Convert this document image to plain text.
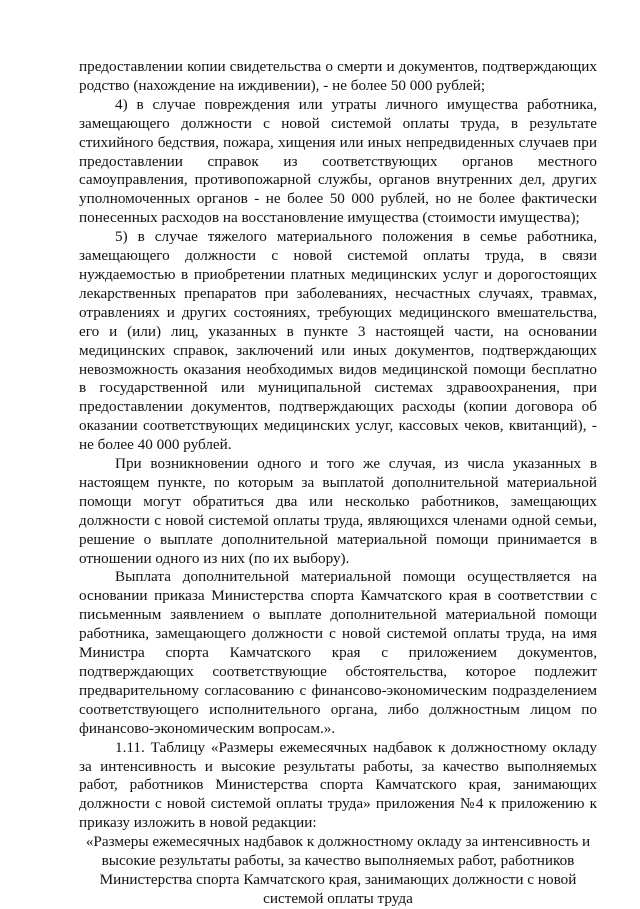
предоставлении копии свидетельства о смерти и документов, подтверждающих родство (нахождение на иждивении), - не более 50 000 рублей;

4) в случае повреждения или утраты личного имущества работника, замещающего должности с новой системой оплаты труда, в результате стихийного бедствия, пожара, хищения или иных непредвиденных случаев при предоставлении справок из соответствующих органов местного самоуправления, противопожарной службы, органов внутренних дел, других уполномоченных органов - не более 50 000 рублей, но не более фактически понесенных расходов на восстановление имущества (стоимости имущества);

5) в случае тяжелого материального положения в семье работника, замещающего должности с новой системой оплаты труда, в связи нуждаемостью в приобретении платных медицинских услуг и дорогостоящих лекарственных препаратов при заболеваниях, несчастных случаях, травмах, отравлениях и других состояниях, требующих медицинского вмешательства, его и (или) лиц, указанных в пункте 3 настоящей части, на основании медицинских справок, заключений или иных документов, подтверждающих невозможность оказания необходимых видов медицинской помощи бесплатно в государственной или муниципальной системах здравоохранения, при предоставлении документов, подтверждающих расходы (копии договора об оказании соответствующих медицинских услуг, кассовых чеков, квитанций), - не более 40 000 рублей.

При возникновении одного и того же случая, из числа указанных в настоящем пункте, по которым за выплатой дополнительной материальной помощи могут обратиться два или несколько работников, замещающих должности с новой системой оплаты труда, являющихся членами одной семьи, решение о выплате дополнительной материальной помощи принимается в отношении одного из них (по их выбору).

Выплата дополнительной материальной помощи осуществляется на основании приказа Министерства спорта Камчатского края в соответствии с письменным заявлением о выплате дополнительной материальной помощи работника, замещающего должности с новой системой оплаты труда, на имя Министра спорта Камчатского края с приложением документов, подтверждающих соответствующие обстоятельства, которое подлежит предварительному согласованию с финансово-экономическим подразделением соответствующего исполнительного органа, либо должностным лицом по финансово-экономическим вопросам.».

1.11. Таблицу «Размеры ежемесячных надбавок к должностному окладу за интенсивность и высокие результаты работы, за качество выполняемых работ, работников Министерства спорта Камчатского края, занимающих должности с новой системой оплаты труда» приложения №4 к приложению к приказу изложить в новой редакции:

«Размеры ежемесячных надбавок к должностному окладу за интенсивность и высокие результаты работы, за качество выполняемых работ, работников Министерства спорта Камчатского края, занимающих должности с новой системой оплаты труда
